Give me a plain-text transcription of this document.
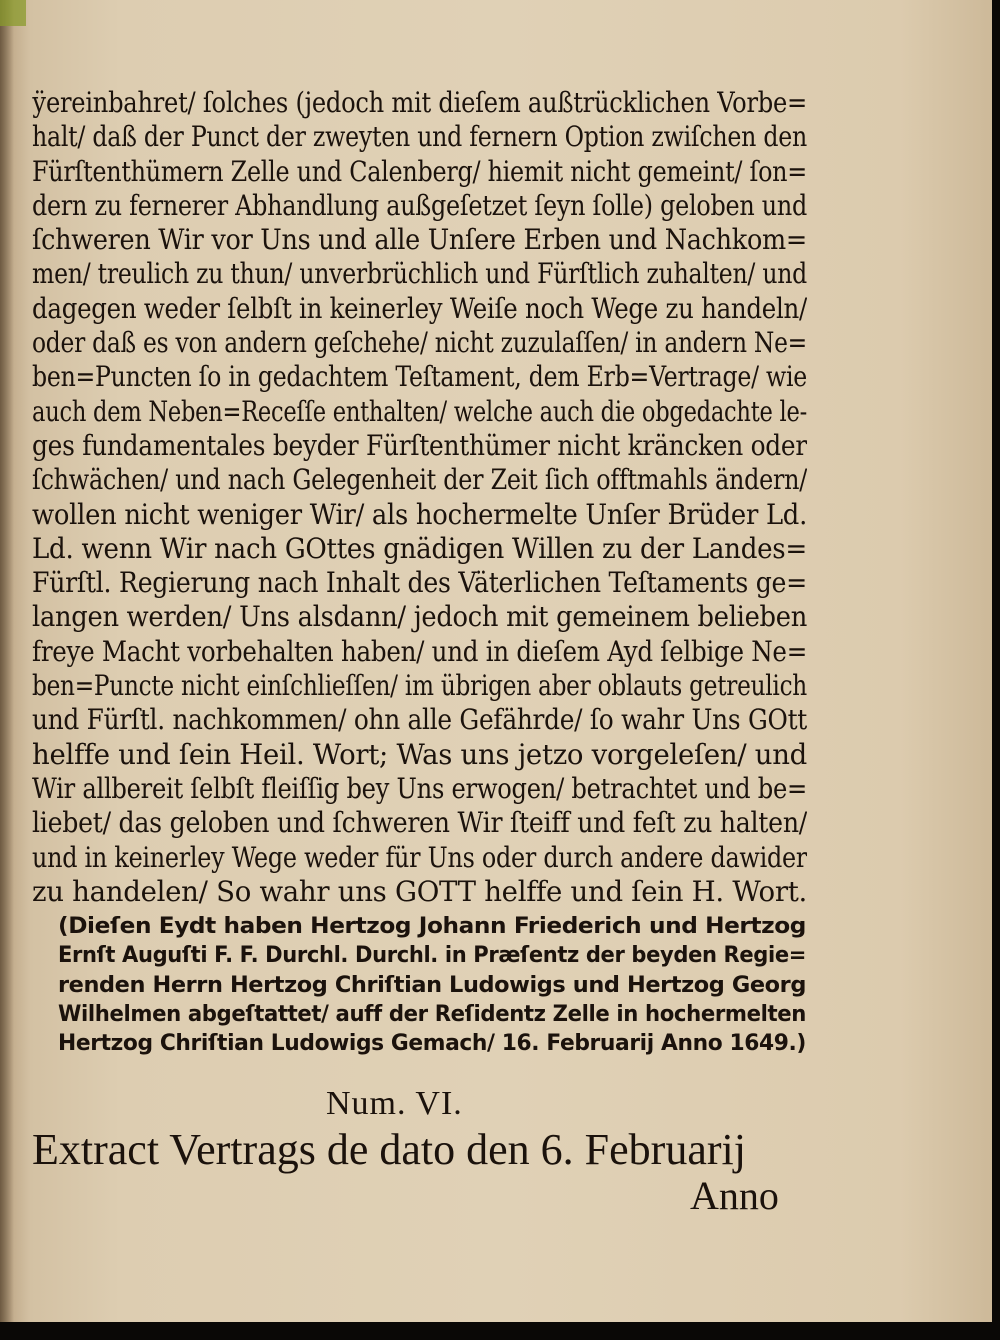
ӱereinbahret/ ſolches (jedoch mit dieſem außtrücklichen Vorbe=
halt/ daß der Punct der zweyten und fernern Option zwiſchen den
Fürſtenthümern Zelle und Calenberg/ hiemit nicht gemeint/ ſon=
dern zu fernerer Abhandlung außgeſetzet ſeyn ſolle) geloben und
ſchweren Wir vor Uns und alle Unſere Erben und Nachkom=
men/ treulich zu thun/ unverbrüchlich und Fürſtlich zuhalten/ und
dagegen weder ſelbſt in keinerley Weiſe noch Wege zu handeln/
oder daß es von andern geſchehe/ nicht zuzulaſſen/ in andern Ne=
ben=Puncten ſo in gedachtem Teſtament, dem Erb=Vertrage/ wie
auch dem Neben=Receſſe enthalten/ welche auch die obgedachte le-
ges fundamentales beyder Fürſtenthümer nicht kräncken oder
ſchwächen/ und nach Gelegenheit der Zeit ſich offtmahls ändern/
wollen nicht weniger Wir/ als hochermelte Unſer Brüder Ld.
Ld. wenn Wir nach GOttes gnädigen Willen zu der Landes=
Fürſtl. Regierung nach Inhalt des Väterlichen Teſtaments ge=
langen werden/ Uns alsdann/ jedoch mit gemeinem belieben
freye Macht vorbehalten haben/ und in dieſem Ayd ſelbige Ne=
ben=Puncte nicht einſchlieſſen/ im übrigen aber oblauts getreulich
und Fürſtl. nachkommen/ ohn alle Gefährde/ ſo wahr Uns GOtt
helffe und ſein Heil. Wort; Was uns jetzo vorgeleſen/ und
Wir allbereit ſelbſt fleiſſig bey Uns erwogen/ betrachtet und be=
liebet/ das geloben und ſchweren Wir ſteiff und feſt zu halten/
und in keinerley Wege weder für Uns oder durch andere dawider
zu handelen/ So wahr uns GOTT helffe und ſein H. Wort.
(Dieſen Eydt haben Hertzog Johann Friederich und Hertzog
Ernſt Auguſti F. F. Durchl. Durchl. in Præſentz der beyden Regie=
renden Herrn Hertzog Chriſtian Ludowigs und Hertzog Georg
Wilhelmen abgeſtattet/ auff der Reſidentz Zelle in hochermelten
Hertzog Chriſtian Ludowigs Gemach/ 16. Februarij Anno 1649.)
Num. VI.
Extract Vertrags de dato den 6. Februarij
Anno
